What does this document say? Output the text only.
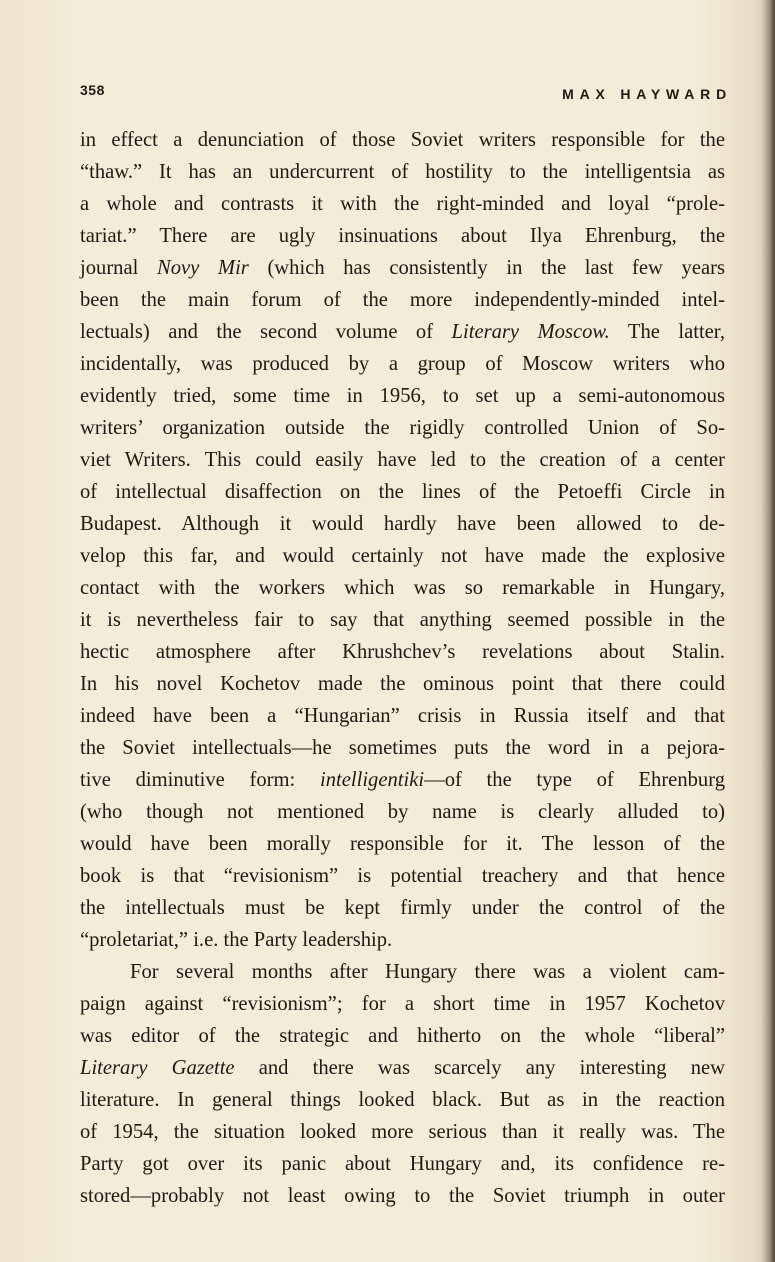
358	MAX HAYWARD
in effect a denunciation of those Soviet writers responsible for the
“thaw.” It has an undercurrent of hostility to the intelligentsia as
a whole and contrasts it with the right-minded and loyal “prole-
tariat.” There are ugly insinuations about Ilya Ehrenburg, the
journal Novy Mir (which has consistently in the last few years
been the main forum of the more independently-minded intel-
lectuals) and the second volume of Literary Moscow. The latter,
incidentally, was produced by a group of Moscow writers who
evidently tried, some time in 1956, to set up a semi-autonomous
writers’ organization outside the rigidly controlled Union of So-
viet Writers. This could easily have led to the creation of a center
of intellectual disaffection on the lines of the Petoeffi Circle in
Budapest. Although it would hardly have been allowed to de-
velop this far, and would certainly not have made the explosive
contact with the workers which was so remarkable in Hungary,
it is nevertheless fair to say that anything seemed possible in the
hectic atmosphere after Khrushchev’s revelations about Stalin.
In his novel Kochetov made the ominous point that there could
indeed have been a “Hungarian” crisis in Russia itself and that
the Soviet intellectuals—he sometimes puts the word in a pejora-
tive diminutive form: intelligentiki—of the type of Ehrenburg
(who though not mentioned by name is clearly alluded to)
would have been morally responsible for it. The lesson of the
book is that “revisionism” is potential treachery and that hence
the intellectuals must be kept firmly under the control of the
“proletariat,” i.e. the Party leadership.
For several months after Hungary there was a violent cam-
paign against “revisionism”; for a short time in 1957 Kochetov
was editor of the strategic and hitherto on the whole “liberal”
Literary Gazette and there was scarcely any interesting new
literature. In general things looked black. But as in the reaction
of 1954, the situation looked more serious than it really was. The
Party got over its panic about Hungary and, its confidence re-
stored—probably not least owing to the Soviet triumph in outer
